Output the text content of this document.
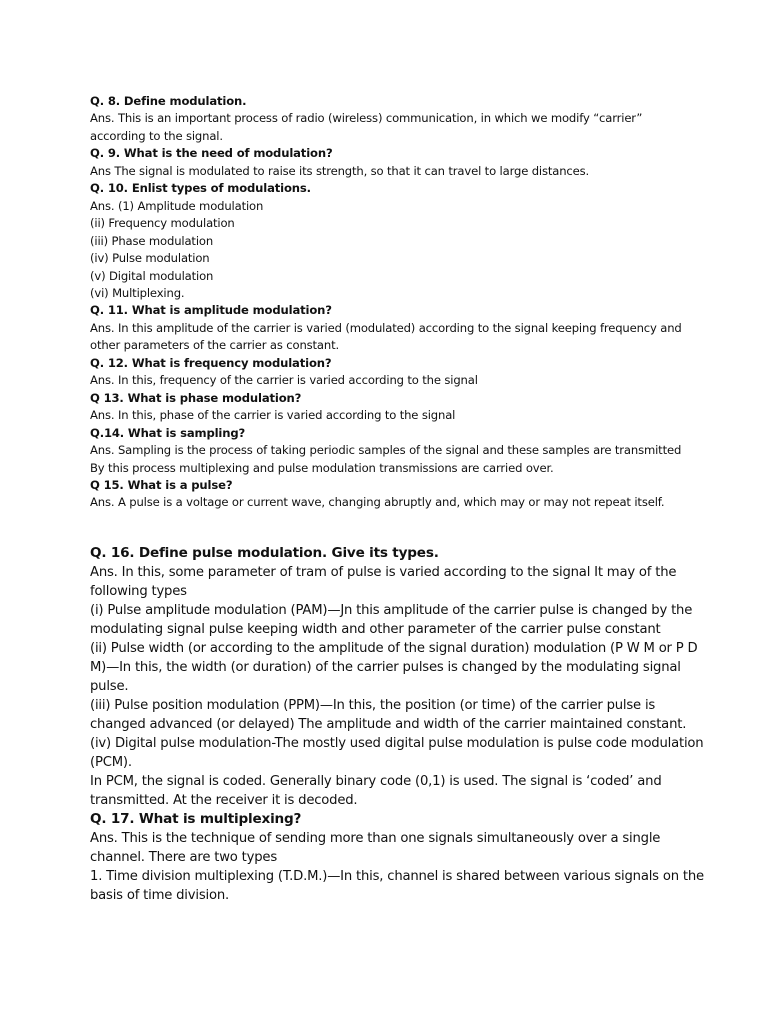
Q. 8. Define modulation.
Ans. This is an important process of radio (wireless) communication, in which we modify “carrier”
according to the signal.
Q. 9. What is the need of modulation?
Ans The signal is modulated to raise its strength, so that it can travel to large distances.
Q. 10. Enlist types of modulations.
Ans. (1) Amplitude modulation
(ii) Frequency modulation
(iii) Phase modulation
(iv) Pulse modulation
(v) Digital modulation
(vi) Multiplexing.
Q. 11. What is amplitude modulation?
Ans. In this amplitude of the carrier is varied (modulated) according to the signal keeping frequency and
other parameters of the carrier as constant.
Q. 12. What is frequency modulation?
Ans. In this, frequency of the carrier is varied according to the signal
Q 13. What is phase modulation?
Ans. In this, phase of the carrier is varied according to the signal
Q.14. What is sampling?
Ans. Sampling is the process of taking periodic samples of the signal and these samples are transmitted
By this process multiplexing and pulse modulation transmissions are carried over.
Q 15. What is a pulse?
Ans. A pulse is a voltage or current wave, changing abruptly and, which may or may not repeat itself.
Q. 16. Define pulse modulation. Give its types.
Ans. In this, some parameter of tram of pulse is varied according to the signal It may of the
following types
(i) Pulse amplitude modulation (PAM)—Jn this amplitude of the carrier pulse is changed by the
modulating signal pulse keeping width and other parameter of the carrier pulse constant
(ii) Pulse width (or according to the amplitude of the signal duration) modulation (P W M or P D
M)—In this, the width (or duration) of the carrier pulses is changed by the modulating signal
pulse.
(iii) Pulse position modulation (PPM)—In this, the position (or time) of the carrier pulse is
changed advanced (or delayed) The amplitude and width of the carrier maintained constant.
(iv) Digital pulse modulation-The mostly used digital pulse modulation is pulse code modulation
(PCM).
In PCM, the signal is coded. Generally binary code (0,1) is used. The signal is ‘coded’ and
transmitted. At the receiver it is decoded.
Q. 17. What is multiplexing?
Ans. This is the technique of sending more than one signals simultaneously over a single
channel. There are two types
1. Time division multiplexing (T.D.M.)—In this, channel is shared between various signals on the
basis of time division.
